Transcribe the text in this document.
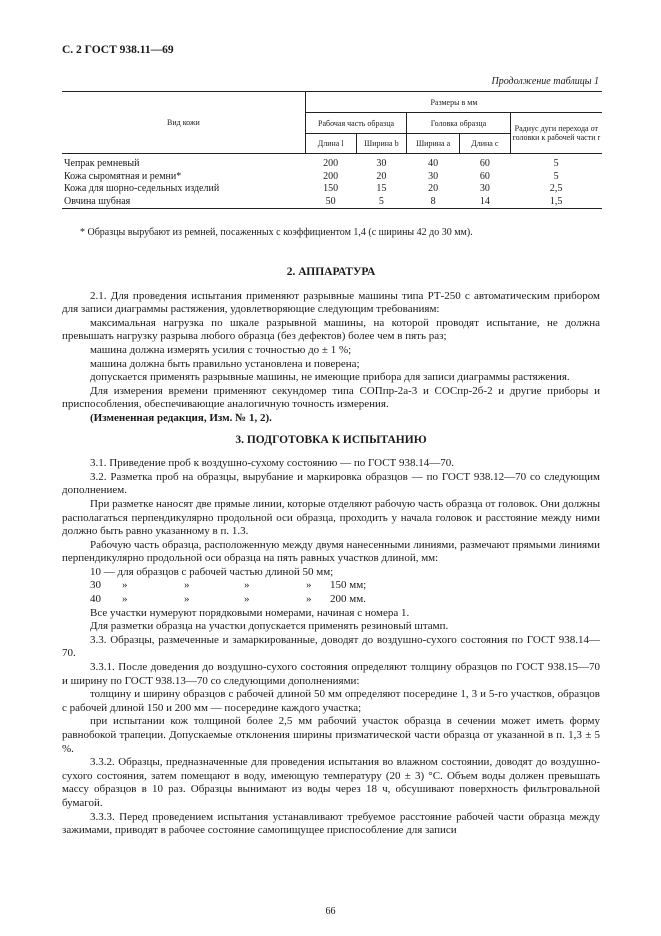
С. 2 ГОСТ 938.11—69
Продолжение таблицы 1
Вид кожи	Размеры в мм				
	Рабочая часть образца		Головка образца		Радиус дуги перехода от головки к рабочей части r
	Длина l	Ширина b	Ширина a	Длина c	

Чепрак ремневый	200	30	40	60	5
Кожа сыромятная и ремни*	200	20	30	60	5
Кожа для шорно-седельных изделий	150	15	20	30	2,5
Овчина шубная	50	5	8	14	1,5
* Образцы вырубают из ремней, посаженных с коэффициентом 1,4 (с ширины 42 до 30 мм).
2. АППАРАТУРА

2.1. Для проведения испытания применяют разрывные машины типа РТ-250 с автоматическим прибором для записи диаграммы растяжения, удовлетворяющие следующим требованиям:

максимальная нагрузка по шкале разрывной машины, на которой проводят испытание, не должна превышать нагрузку разрыва любого образца (без дефектов) более чем в пять раз;

машина должна измерять усилия с точностью до ± 1 %;

машина должна быть правильно установлена и поверена;

допускается применять разрывные машины, не имеющие прибора для записи диаграммы растяжения.

Для измерения времени применяют секундомер типа СОПпр-2а-3 и СОСпр-2б-2 и другие приборы и приспособления, обеспечивающие аналогичную точность измерения.

(Измененная редакция, Изм. № 1, 2).

3. ПОДГОТОВКА К ИСПЫТАНИЮ

3.1. Приведение проб к воздушно-сухому состоянию — по ГОСТ 938.14—70.

3.2. Разметка проб на образцы, вырубание и маркировка образцов — по ГОСТ 938.12—70 со следующим дополнением.

При разметке наносят две прямые линии, которые отделяют рабочую часть образца от головок. Они должны располагаться перпендикулярно продольной оси образца, проходить у начала головок и расстояние между ними должно быть равно указанному в п. 1.3.

Рабочую часть образца, расположенную между двумя нанесенными линиями, размечают прямыми линиями перпендикулярно продольной оси образца на пять равных участков длиной, мм:

10 — для образцов с рабочей частью длиной 50 мм;

30	»	»	»	»	150 мм;
40	»	»	»	»	200 мм.

Все участки нумеруют порядковыми номерами, начиная с номера 1.

Для разметки образца на участки допускается применять резиновый штамп.

3.3. Образцы, размеченные и замаркированные, доводят до воздушно-сухого состояния по ГОСТ 938.14—70.

3.3.1. После доведения до воздушно-сухого состояния определяют толщину образцов по ГОСТ 938.15—70 и ширину по ГОСТ 938.13—70 со следующими дополнениями:

толщину и ширину образцов с рабочей длиной 50 мм определяют посередине 1, 3 и 5-го участков, образцов с рабочей длиной 150 и 200 мм — посередине каждого участка;

при испытании кож толщиной более 2,5 мм рабочий участок образца в сечении может иметь форму равнобокой трапеции. Допускаемые отклонения ширины призматической части образца от указанной в п. 1,3 ± 5 %.

3.3.2. Образцы, предназначенные для проведения испытания во влажном состоянии, доводят до воздушно-сухого состояния, затем помещают в воду, имеющую температуру (20 ± 3) °С. Объем воды должен превышать массу образцов в 10 раз. Образцы вынимают из воды через 18 ч, обсушивают поверхность фильтровальной бумагой.

3.3.3. Перед проведением испытания устанавливают требуемое расстояние рабочей части образца между зажимами, приводят в рабочее состояние самопищущее приспособление для записи

66
